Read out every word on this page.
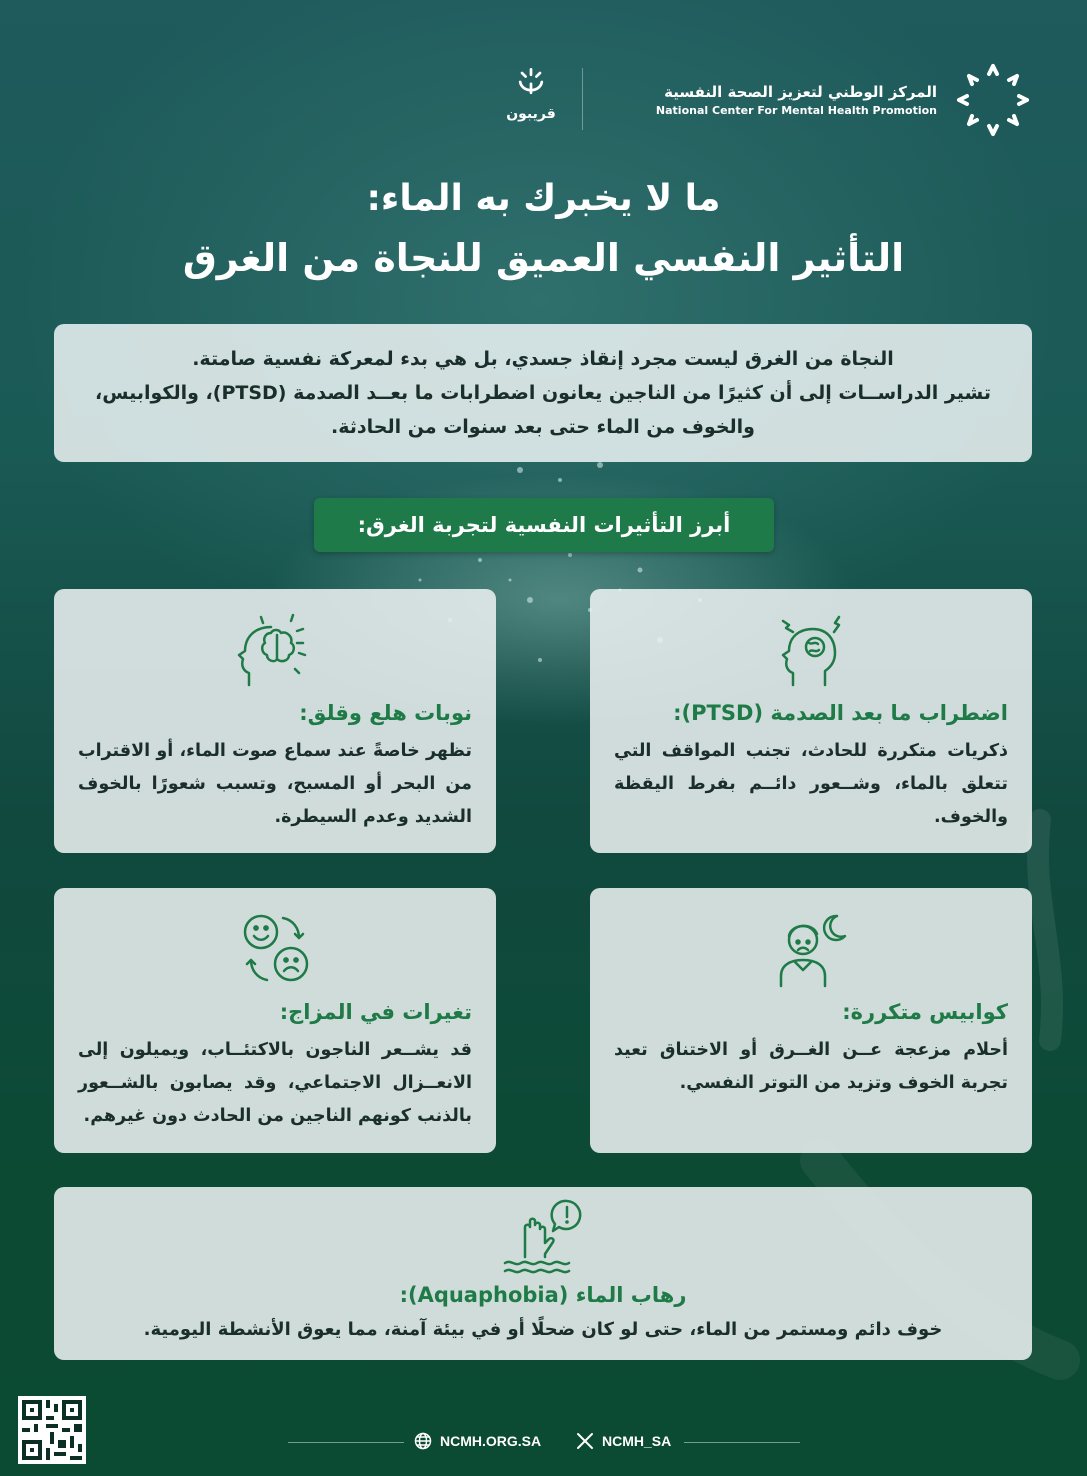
المركز الوطني لتعزيز الصحة النفسية
National Center For Mental Health Promotion
قريبون
ما لا يخبرك به الماء:
التأثير النفسي العميق للنجاة من الغرق

النجاة من الغرق ليست مجرد إنقاذ جسدي، بل هي بدء لمعركة نفسية صامتة.

تشير الدراســات إلى أن كثيرًا من الناجين يعانون اضطرابات ما بعــد الصدمة (PTSD)، والكوابيس،

والخوف من الماء حتى بعد سنوات من الحادثة.

أبرز التأثيرات النفسية لتجربة الغرق:
اضطراب ما بعد الصدمة (PTSD):
ذكريات متكررة للحادث، تجنب المواقف التي تتعلق بالماء، وشــعور دائــم بفرط اليقظة والخوف.
نوبات هلع وقلق:
تظهر خاصةً عند سماع صوت الماء، أو الاقتراب من البحر أو المسبح، وتسبب شعورًا بالخوف الشديد وعدم السيطرة.
كوابيس متكررة:
أحلام مزعجة عــن الغــرق أو الاختناق تعيد تجربة الخوف وتزيد من التوتر النفسي.
تغيرات في المزاج:
قد يشــعر الناجون بالاكتئــاب، ويميلون إلى الانعــزال الاجتماعي، وقد يصابون بالشــعور بالذنب كونهم الناجين من الحادث دون غيرهم.
رهاب الماء (Aquaphobia):
خوف دائم ومستمر من الماء، حتى لو كان ضحلًا أو في بيئة آمنة، مما يعوق الأنشطة اليومية.
NCMH.ORG.SA	NCMH_SA
